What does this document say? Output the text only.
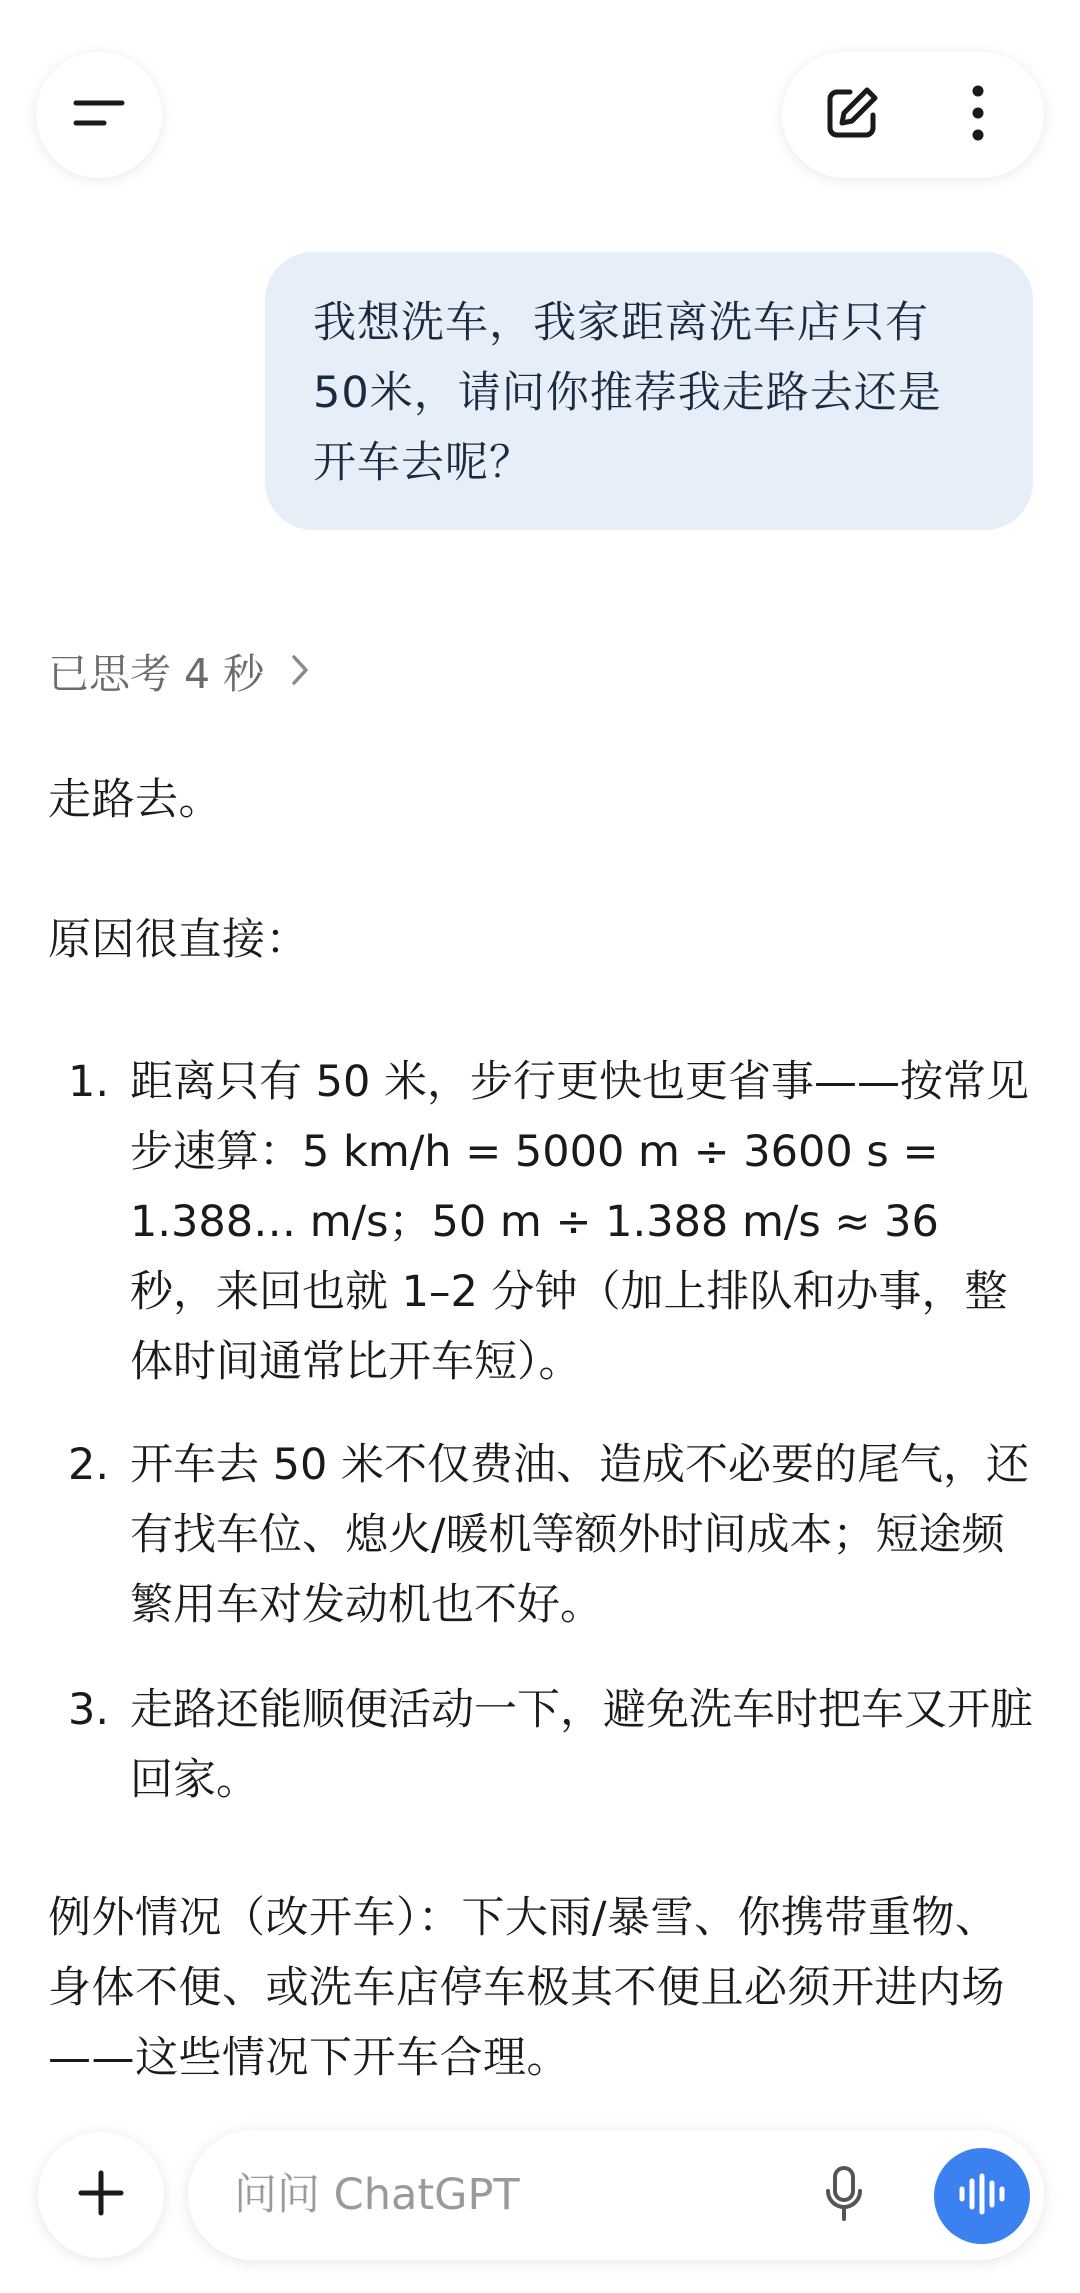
我想洗车，我家距离洗车店只有50米，请问你推荐我走路去还是开车去呢？
已思考 4 秒
走路去。
原因很直接：
1. 距离只有 50 米，步行更快也更省事——按常见步速算：5 km/h = 5000 m ÷ 3600 s = 1.388… m/s；50 m ÷ 1.388 m/s ≈ 36 秒，来回也就 1–2 分钟（加上排队和办事，整体时间通常比开车短）。
2. 开车去 50 米不仅费油、造成不必要的尾气，还有找车位、熄火/暖机等额外时间成本；短途频繁用车对发动机也不好。
3. 走路还能顺便活动一下，避免洗车时把车又开脏回家。
例外情况（改开车）：下大雨/暴雪、你携带重物、身体不便、或洗车店停车极其不便且必须开进内场——这些情况下开车合理。
问问 ChatGPT
